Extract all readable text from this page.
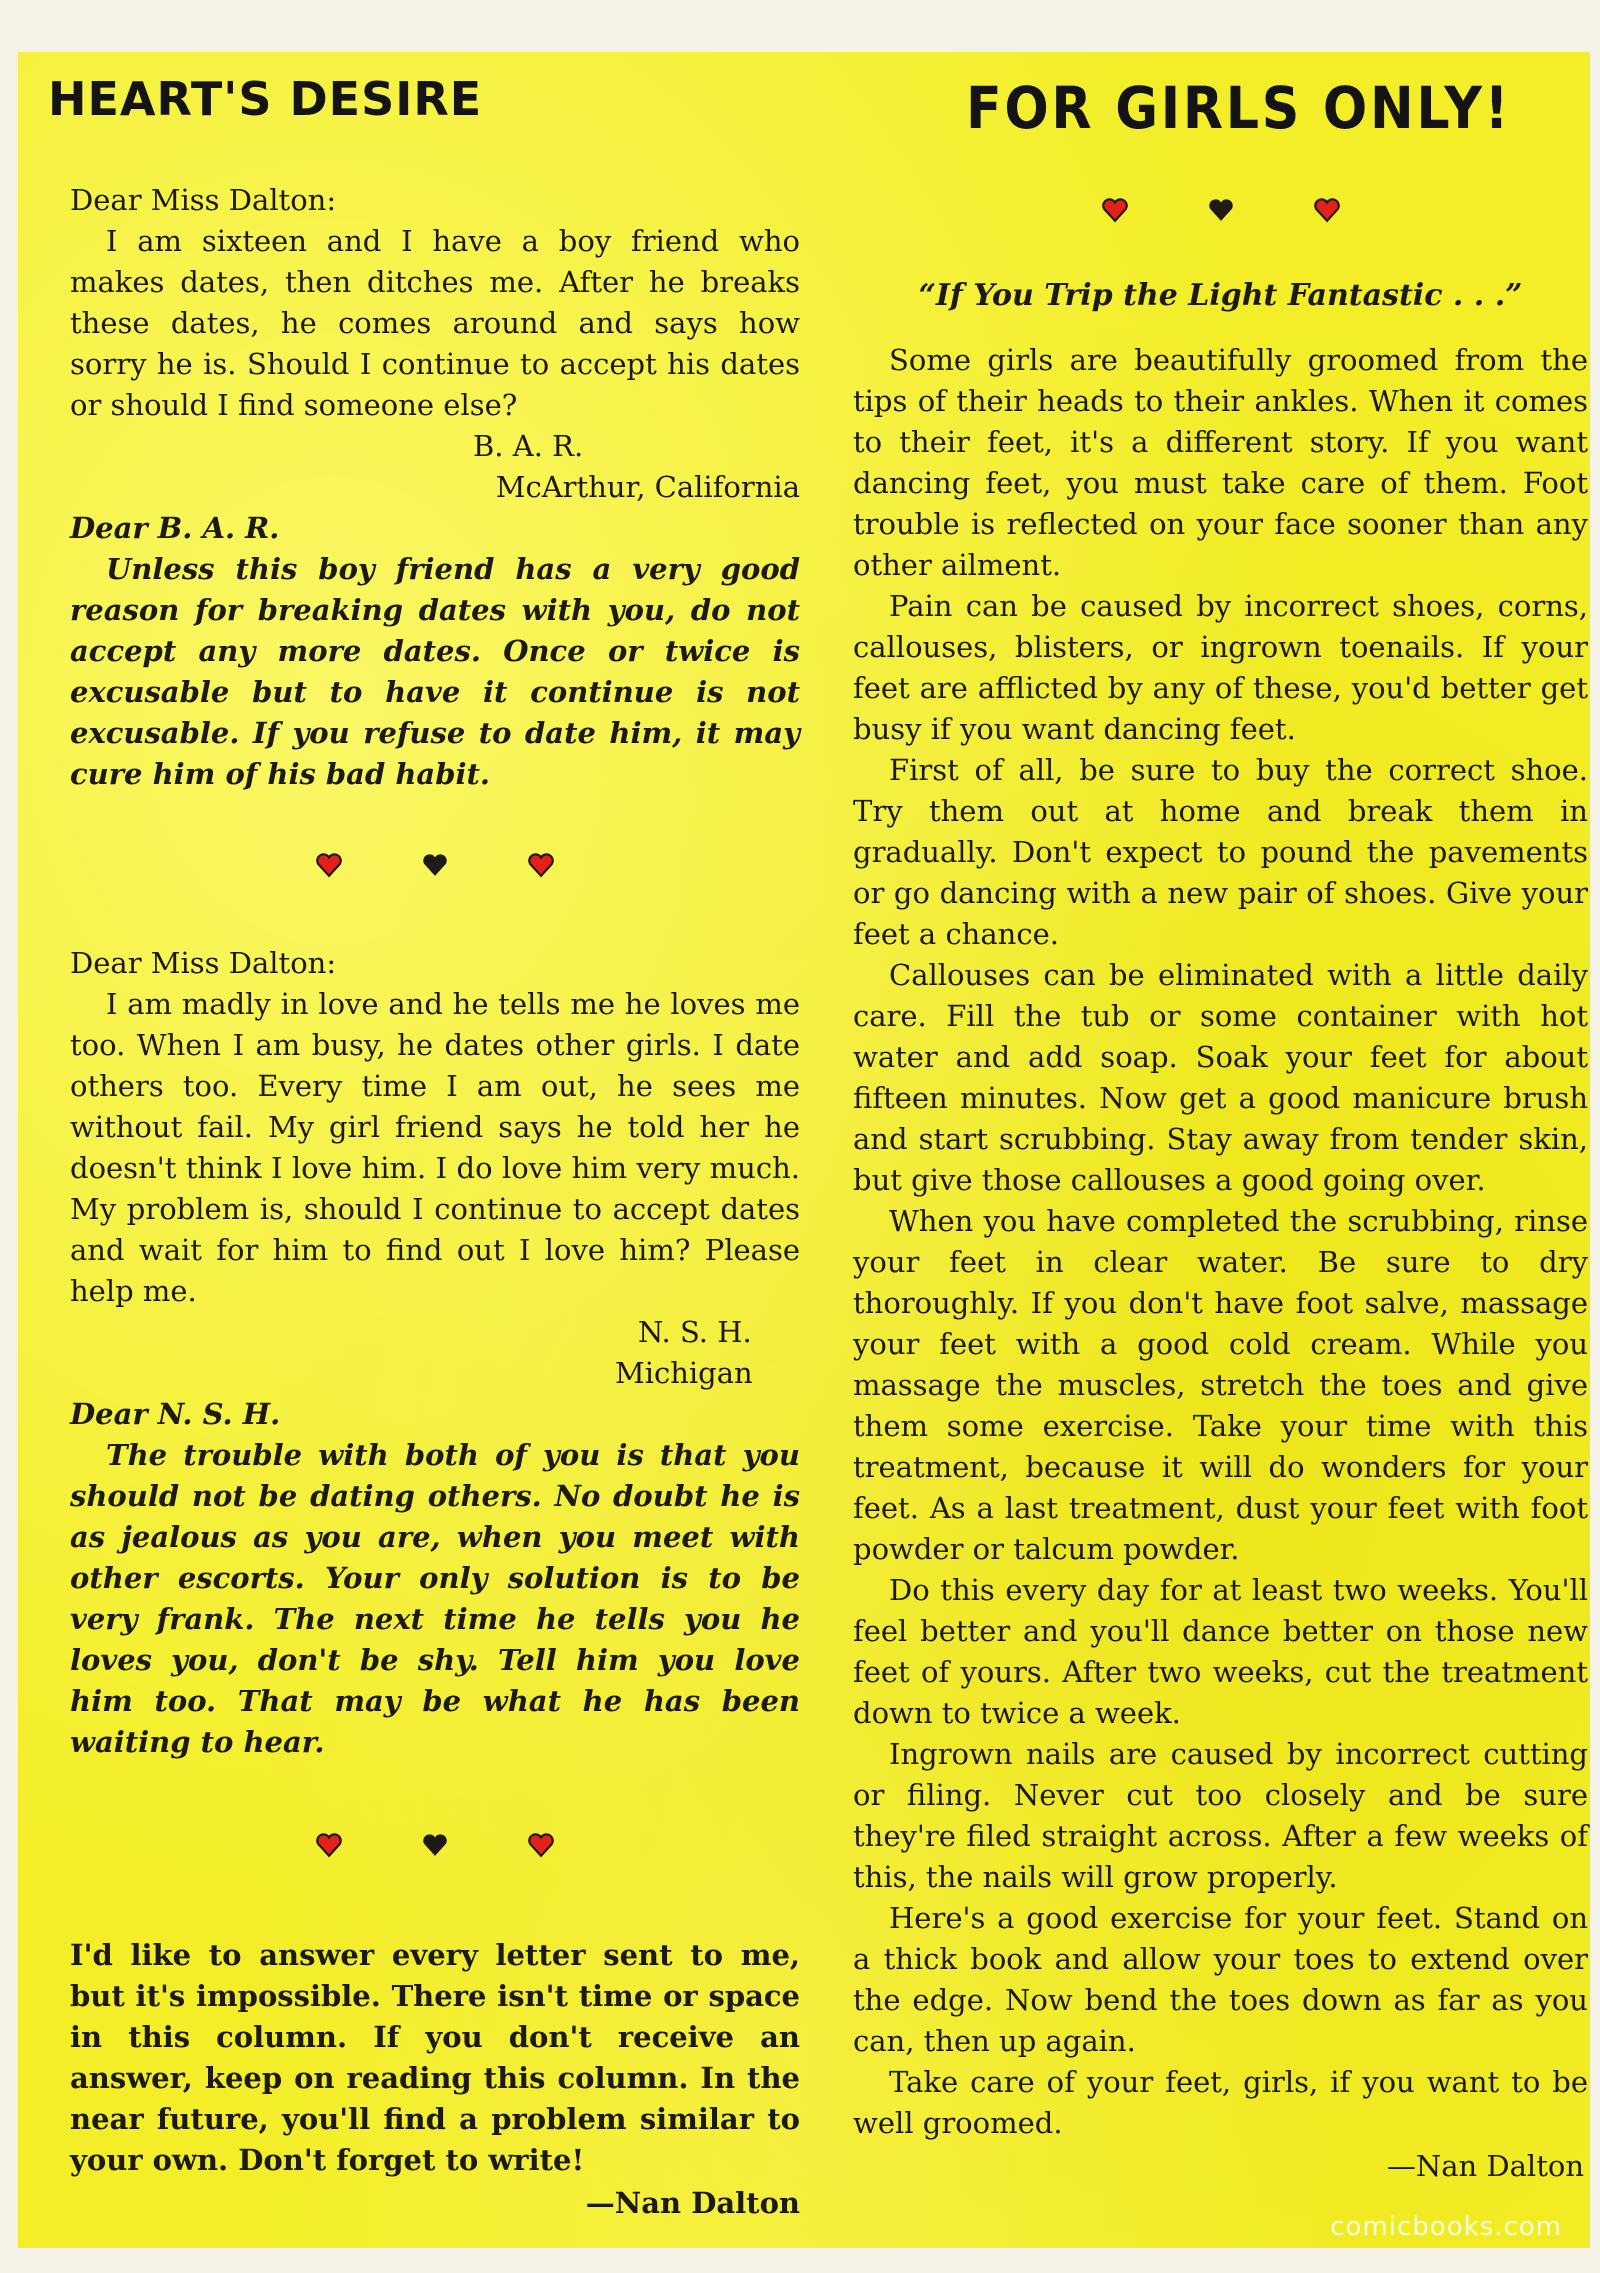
HEART'S DESIRE	FOR GIRLS ONLY!
Dear Miss Dalton:

I am sixteen and I have a boy friend who makes dates, then ditches me. After he breaks these dates, he comes around and says how sorry he is. Should I continue to accept his dates or should I find someone else?

B. A. R.
McArthur, California
Dear B. A. R.

Unless this boy friend has a very good reason for breaking dates with you, do not accept any more dates. Once or twice is excusable but to have it continue is not excusable. If you refuse to date him, it may cure him of his bad habit.

Dear Miss Dalton:

I am madly in love and he tells me he loves me too. When I am busy, he dates other girls. I date others too. Every time I am out, he sees me without fail. My girl friend says he told her he doesn't think I love him. I do love him very much. My problem is, should I continue to accept dates and wait for him to find out I love him? Please help me.

N. S. H.
Michigan
Dear N. S. H.

The trouble with both of you is that you should not be dating others. No doubt he is as jealous as you are, when you meet with other escorts. Your only solution is to be very frank. The next time he tells you he loves you, don't be shy. Tell him you love him too. That may be what he has been waiting to hear.

I'd like to answer every letter sent to me, but it's impossible. There isn't time or space in this column. If you don't receive an answer, keep on reading this column. In the near future, you'll find a problem similar to your own. Don't forget to write!

—Nan Dalton
“If You Trip the Light Fantastic . . .”

Some girls are beautifully groomed from the tips of their heads to their ankles. When it comes to their feet, it's a different story. If you want dancing feet, you must take care of them. Foot trouble is reflected on your face sooner than any other ailment.

Pain can be caused by incorrect shoes, corns, callouses, blisters, or ingrown toenails. If your feet are afflicted by any of these, you'd better get busy if you want dancing feet.

First of all, be sure to buy the correct shoe. Try them out at home and break them in gradually. Don't expect to pound the pavements or go dancing with a new pair of shoes. Give your feet a chance.

Callouses can be eliminated with a little daily care. Fill the tub or some container with hot water and add soap. Soak your feet for about fifteen minutes. Now get a good manicure brush and start scrubbing. Stay away from tender skin, but give those callouses a good going over.

When you have completed the scrubbing, rinse your feet in clear water. Be sure to dry thoroughly. If you don't have foot salve, massage your feet with a good cold cream. While you massage the muscles, stretch the toes and give them some exercise. Take your time with this treatment, because it will do wonders for your feet. As a last treatment, dust your feet with foot powder or talcum powder.

Do this every day for at least two weeks. You'll feel better and you'll dance better on those new feet of yours. After two weeks, cut the treatment down to twice a week.

Ingrown nails are caused by incorrect cutting or filing. Never cut too closely and be sure they're filed straight across. After a few weeks of this, the nails will grow properly.

Here's a good exercise for your feet. Stand on a thick book and allow your toes to extend over the edge. Now bend the toes down as far as you can, then up again.

Take care of your feet, girls, if you want to be well groomed.

—Nan Dalton
comicbooks.com
